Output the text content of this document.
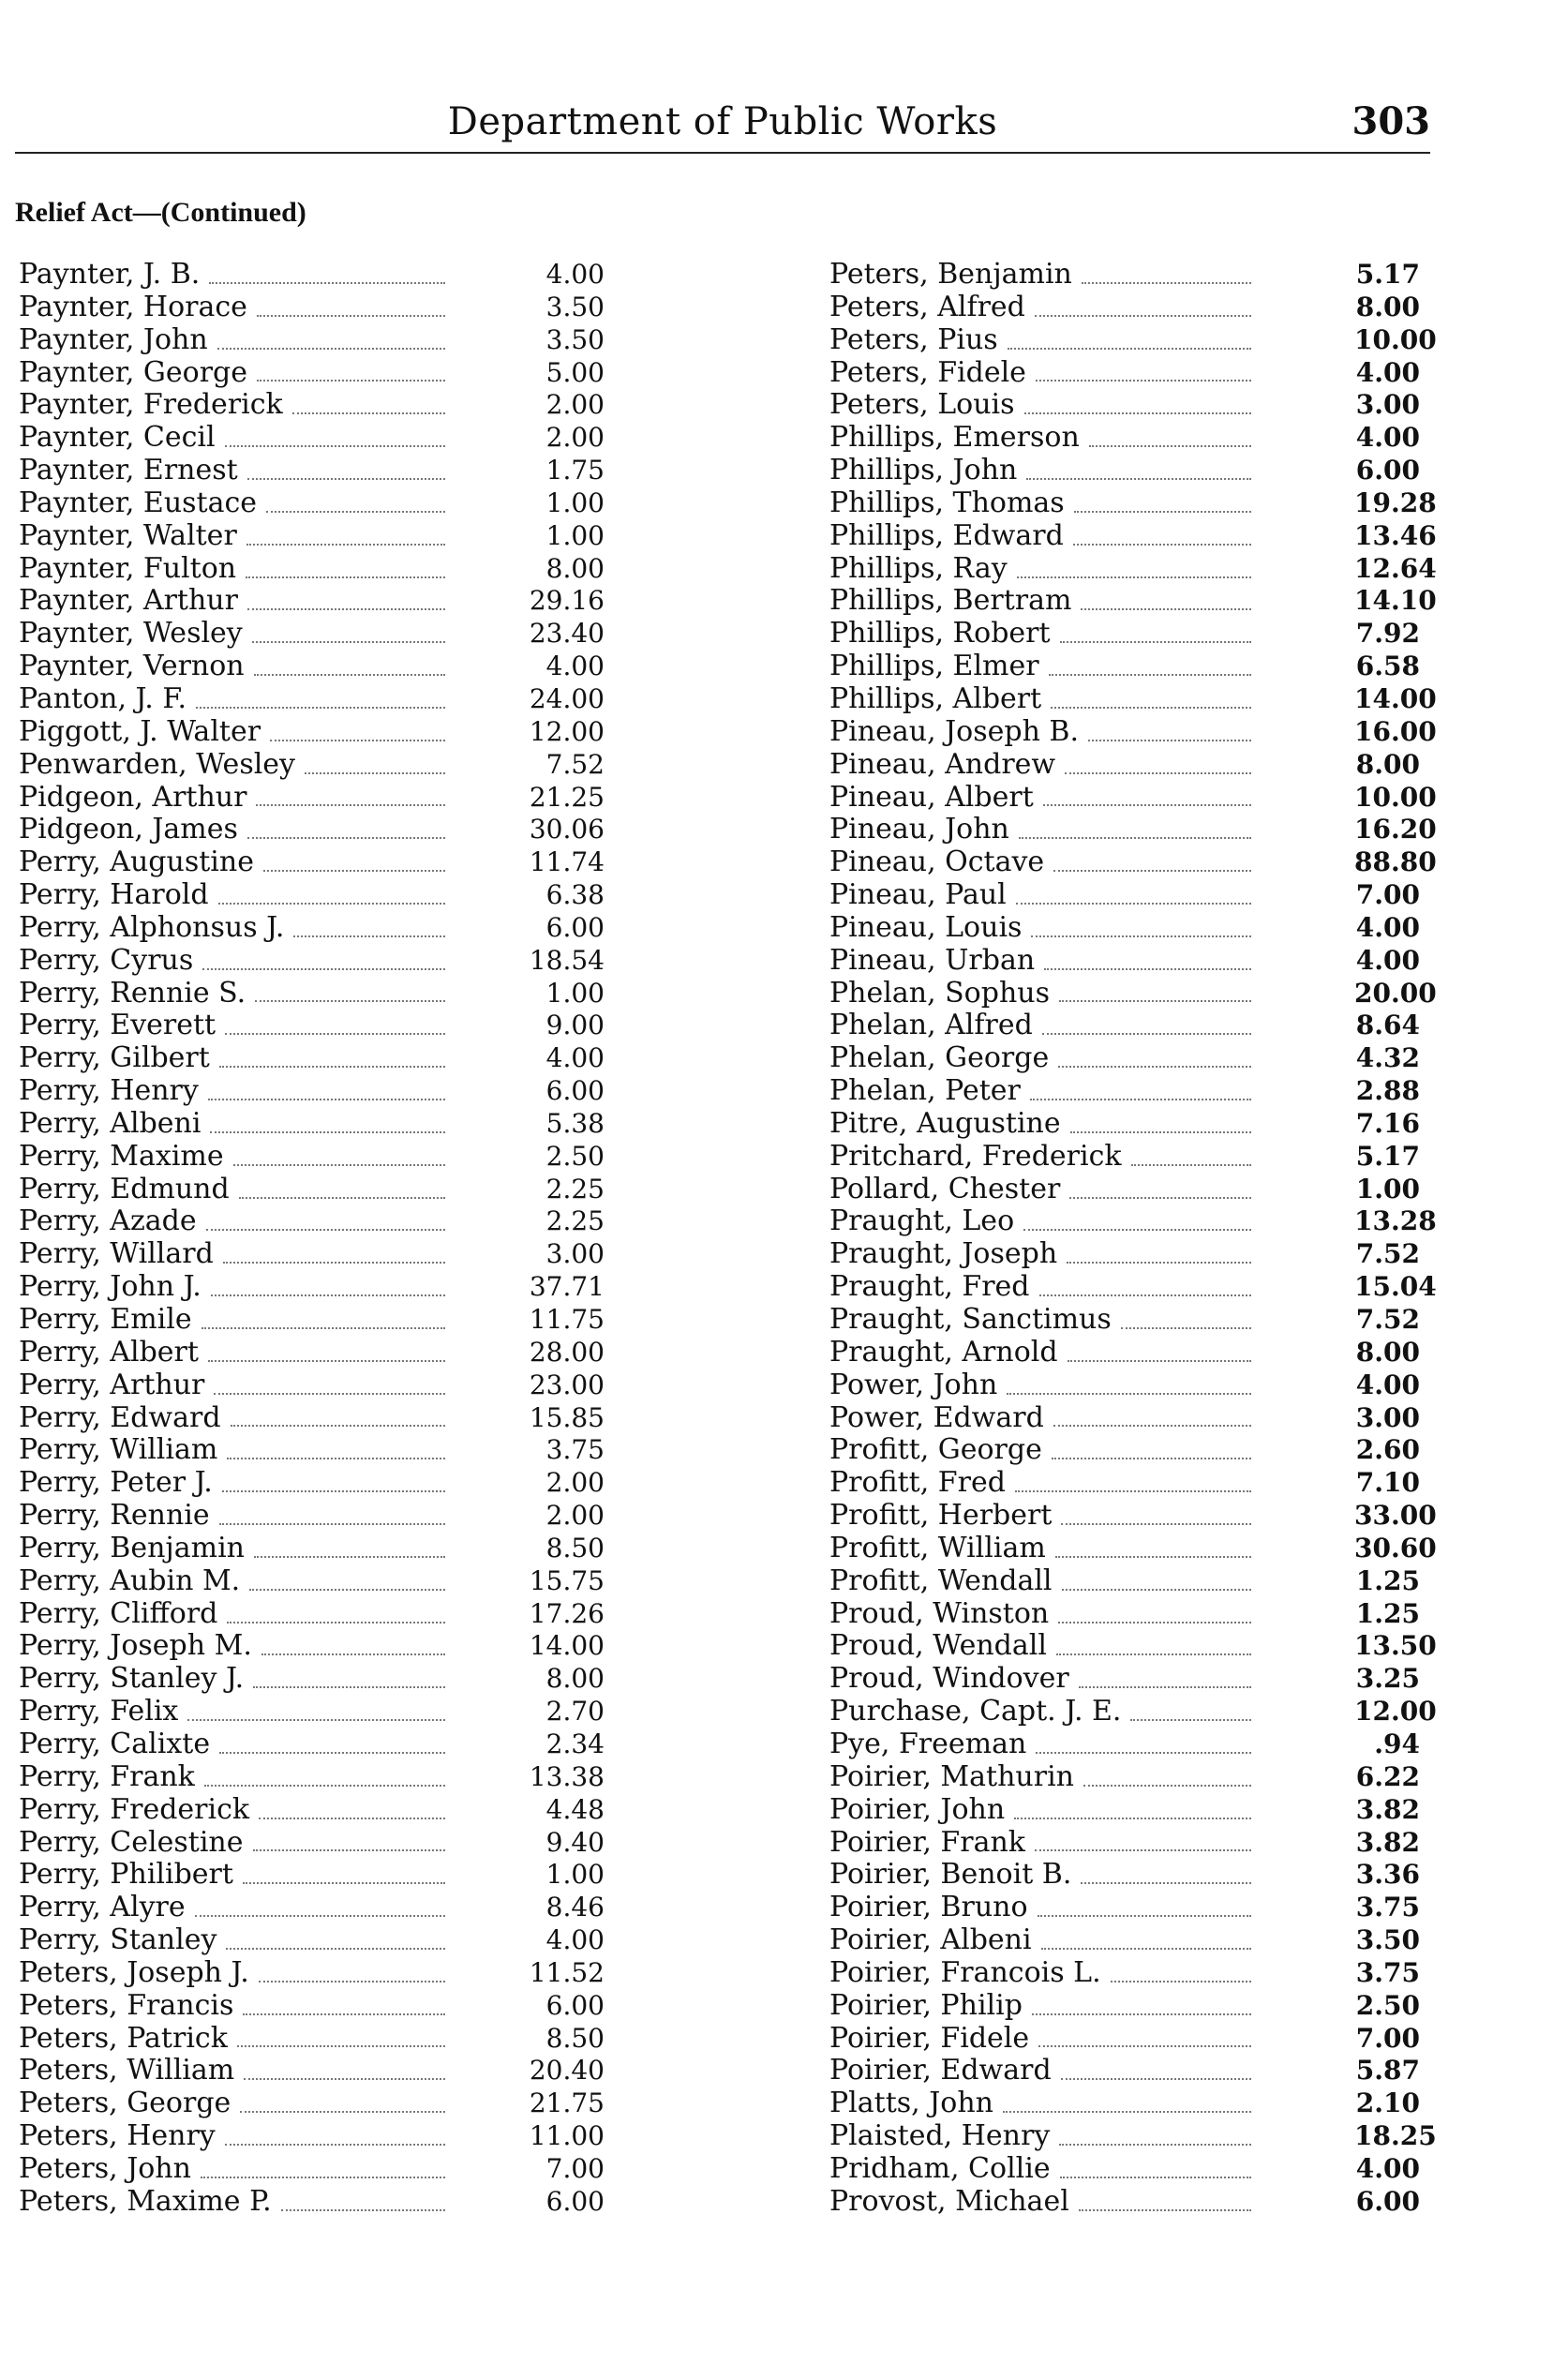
Department of Public Works	303
Relief Act—(Continued)
Paynter, J. B.	4.00
Paynter, Horace	3.50
Paynter, John	3.50
Paynter, George	5.00
Paynter, Frederick	2.00
Paynter, Cecil	2.00
Paynter, Ernest	1.75
Paynter, Eustace	1.00
Paynter, Walter	1.00
Paynter, Fulton	8.00
Paynter, Arthur	29.16
Paynter, Wesley	23.40
Paynter, Vernon	4.00
Panton, J. F.	24.00
Piggott, J. Walter	12.00
Penwarden, Wesley	7.52
Pidgeon, Arthur	21.25
Pidgeon, James	30.06
Perry, Augustine	11.74
Perry, Harold	6.38
Perry, Alphonsus J.	6.00
Perry, Cyrus	18.54
Perry, Rennie S.	1.00
Perry, Everett	9.00
Perry, Gilbert	4.00
Perry, Henry	6.00
Perry, Albeni	5.38
Perry, Maxime	2.50
Perry, Edmund	2.25
Perry, Azade	2.25
Perry, Willard	3.00
Perry, John J.	37.71
Perry, Emile	11.75
Perry, Albert	28.00
Perry, Arthur	23.00
Perry, Edward	15.85
Perry, William	3.75
Perry, Peter J.	2.00
Perry, Rennie	2.00
Perry, Benjamin	8.50
Perry, Aubin M.	15.75
Perry, Clifford	17.26
Perry, Joseph M.	14.00
Perry, Stanley J.	8.00
Perry, Felix	2.70
Perry, Calixte	2.34
Perry, Frank	13.38
Perry, Frederick	4.48
Perry, Celestine	9.40
Perry, Philibert	1.00
Perry, Alyre	8.46
Perry, Stanley	4.00
Peters, Joseph J.	11.52
Peters, Francis	6.00
Peters, Patrick	8.50
Peters, William	20.40
Peters, George	21.75
Peters, Henry	11.00
Peters, John	7.00
Peters, Maxime P.	6.00
Peters, Benjamin	5.17
Peters, Alfred	8.00
Peters, Pius	10.00
Peters, Fidele	4.00
Peters, Louis	3.00
Phillips, Emerson	4.00
Phillips, John	6.00
Phillips, Thomas	19.28
Phillips, Edward	13.46
Phillips, Ray	12.64
Phillips, Bertram	14.10
Phillips, Robert	7.92
Phillips, Elmer	6.58
Phillips, Albert	14.00
Pineau, Joseph B.	16.00
Pineau, Andrew	8.00
Pineau, Albert	10.00
Pineau, John	16.20
Pineau, Octave	88.80
Pineau, Paul	7.00
Pineau, Louis	4.00
Pineau, Urban	4.00
Phelan, Sophus	20.00
Phelan, Alfred	8.64
Phelan, George	4.32
Phelan, Peter	2.88
Pitre, Augustine	7.16
Pritchard, Frederick	5.17
Pollard, Chester	1.00
Praught, Leo	13.28
Praught, Joseph	7.52
Praught, Fred	15.04
Praught, Sanctimus	7.52
Praught, Arnold	8.00
Power, John	4.00
Power, Edward	3.00
Profitt, George	2.60
Profitt, Fred	7.10
Profitt, Herbert	33.00
Profitt, William	30.60
Profitt, Wendall	1.25
Proud, Winston	1.25
Proud, Wendall	13.50
Proud, Windover	3.25
Purchase, Capt. J. E.	12.00
Pye, Freeman	.94
Poirier, Mathurin	6.22
Poirier, John	3.82
Poirier, Frank	3.82
Poirier, Benoit B.	3.36
Poirier, Bruno	3.75
Poirier, Albeni	3.50
Poirier, Francois L.	3.75
Poirier, Philip	2.50
Poirier, Fidele	7.00
Poirier, Edward	5.87
Platts, John	2.10
Plaisted, Henry	18.25
Pridham, Collie	4.00
Provost, Michael	6.00
